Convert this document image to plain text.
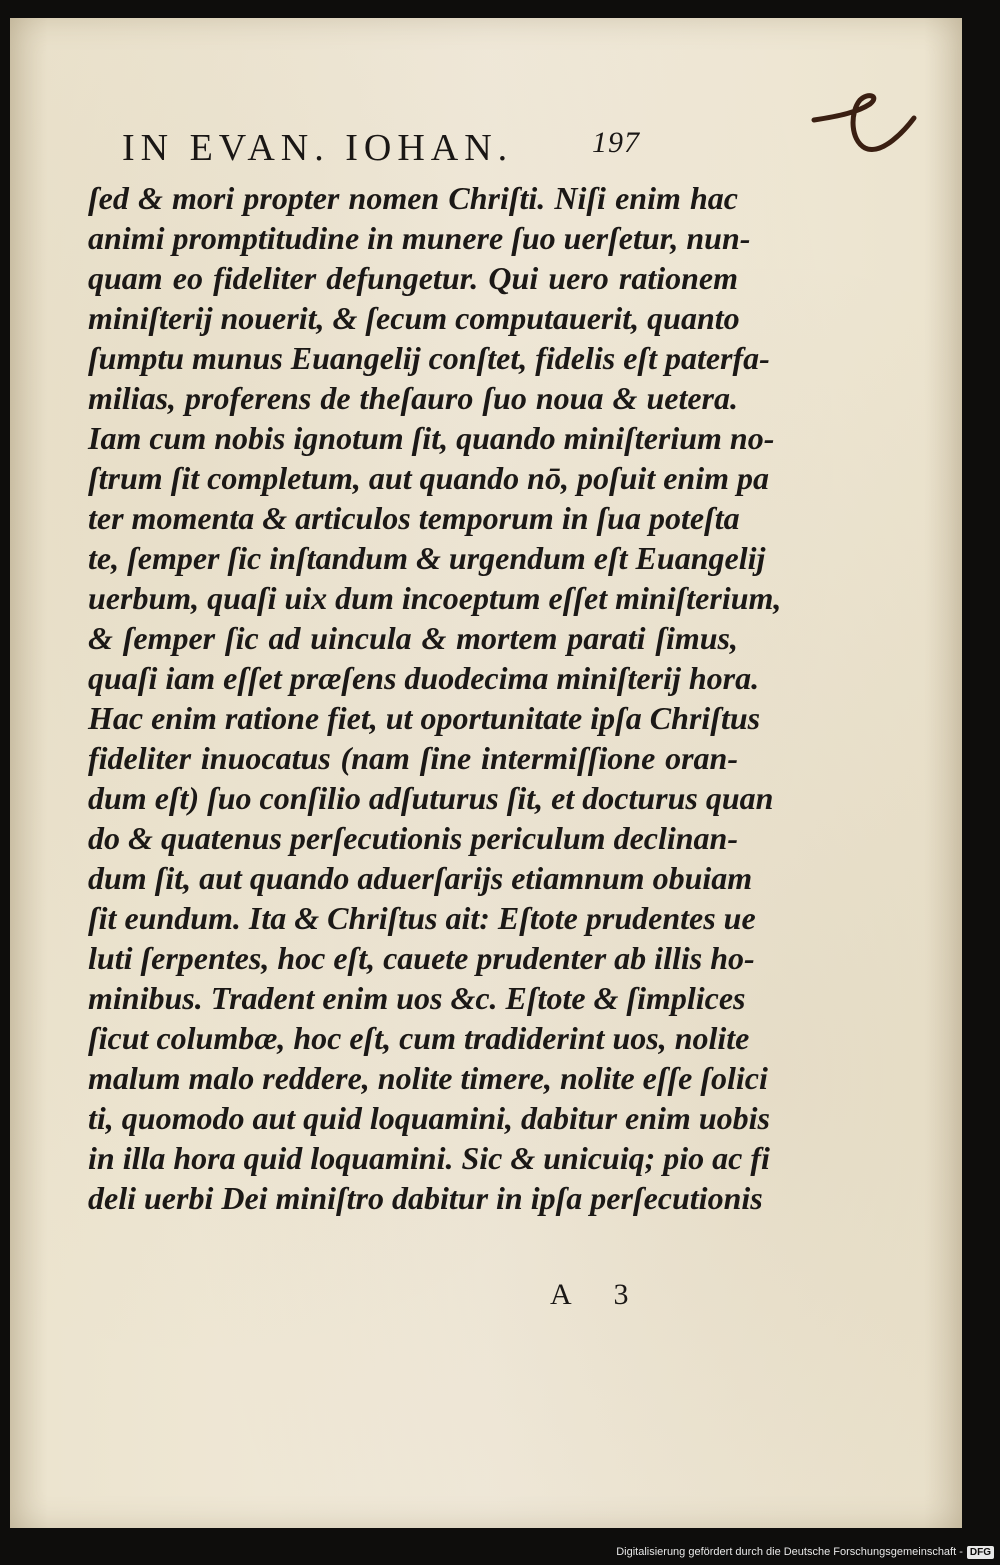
IN EVAN. IOHAN.	197
ſed & mori propter nomen Chriſti. Niſi enim hac
animi promptitudine in munere ſuo uerſetur, nun-
quam eo fideliter defungetur. Qui uero rationem
miniſterij nouerit, & ſecum computauerit, quanto
ſumptu munus Euangelij conſtet, fidelis eſt paterfa-
milias, proferens de theſauro ſuo noua & uetera.
Iam cum nobis ignotum ſit, quando miniſterium no-
ſtrum ſit completum, aut quando nō, poſuit enim pa
ter momenta & articulos temporum in ſua poteſta
te, ſemper ſic inſtandum & urgendum eſt Euangelij
uerbum, quaſi uix dum incoeptum eſſet miniſterium,
& ſemper ſic ad uincula & mortem parati ſimus,
quaſi iam eſſet præſens duodecima miniſterij hora.
Hac enim ratione fiet, ut oportunitate ipſa Chriſtus
fideliter inuocatus (nam ſine intermiſſione oran-
dum eſt) ſuo conſilio adſuturus ſit, et docturus quan
do & quatenus perſecutionis periculum declinan-
dum ſit, aut quando aduerſarijs etiamnum obuiam
ſit eundum. Ita & Chriſtus ait: Eſtote prudentes ue
luti ſerpentes, hoc eſt, cauete prudenter ab illis ho-
minibus. Tradent enim uos &c. Eſtote & ſimplices
ſicut columbæ, hoc eſt, cum tradiderint uos, nolite
malum malo reddere, nolite timere, nolite eſſe ſolici
ti, quomodo aut quid loquamini, dabitur enim uobis
in illa hora quid loquamini. Sic & unicuiq; pio ac fi
deli uerbi Dei miniſtro dabitur in ipſa perſecutionis
A 3
Digitalisierung gefördert durch die Deutsche Forschungsgemeinschaft - DFG
